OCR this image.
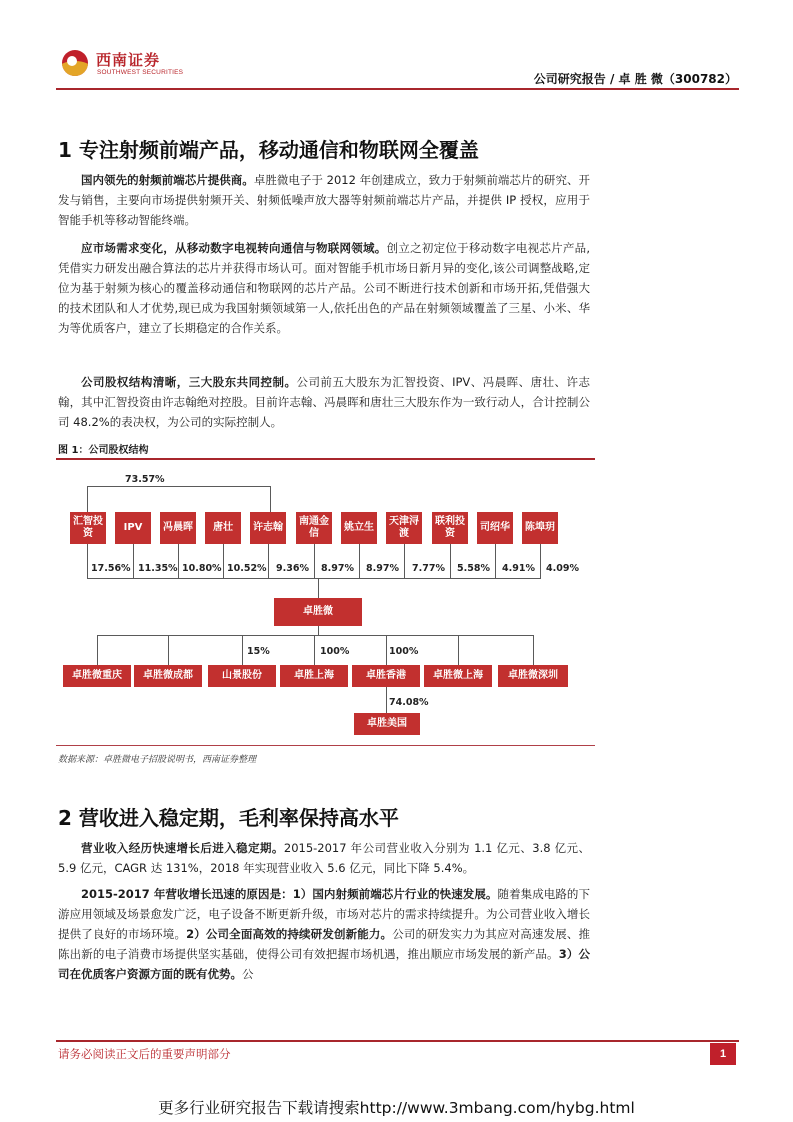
西南证券
SOUTHWEST SECURITIES	公司研究报告 / 卓 胜 微（300782）
1 专注射频前端产品，移动通信和物联网全覆盖
国内领先的射频前端芯片提供商。卓胜微电子于 2012 年创建成立，致力于射频前端芯片的研究、开发与销售，主要向市场提供射频开关、射频低噪声放大器等射频前端芯片产品，并提供 IP 授权，应用于智能手机等移动智能终端。
应市场需求变化，从移动数字电视转向通信与物联网领域。创立之初定位于移动数字电视芯片产品,凭借实力研发出融合算法的芯片并获得市场认可。面对智能手机市场日新月异的变化,该公司调整战略,定位为基于射频为核心的覆盖移动通信和物联网的芯片产品。公司不断进行技术创新和市场开拓,凭借强大的技术团队和人才优势,现已成为我国射频领域第一人,依托出色的产品在射频领域覆盖了三星、小米、华为等优质客户，建立了长期稳定的合作关系。
公司股权结构清晰，三大股东共同控制。公司前五大股东为汇智投资、IPV、冯晨晖、唐壮、许志翰，其中汇智投资由许志翰绝对控股。目前许志翰、冯晨晖和唐壮三大股东作为一致行动人，合计控制公司 48.2%的表决权，为公司的实际控制人。
图 1：公司股权结构
73.57%
汇智投资
IPV 冯晨晖 唐壮 许志翰
南通金信
姚立生
天津浔渡
联利投资
司绍华 陈埠玥
17.56% 11.35% 10.80% 10.52% 9.36% 8.97% 8.97% 7.77% 5.58% 4.91% 4.09%
卓胜微
15%	100%	100%
卓胜微重庆 卓胜微成都	山景股份	卓胜上海	卓胜香港	卓胜微上海	卓胜微深圳
74.08%
卓胜美国
数据来源：卓胜微电子招股说明书，西南证券整理
2 营收进入稳定期，毛利率保持高水平
营业收入经历快速增长后进入稳定期。2015-2017 年公司营业收入分别为 1.1 亿元、3.8 亿元、5.9 亿元，CAGR 达 131%，2018 年实现营业收入 5.6 亿元，同比下降 5.4%。
2015-2017 年营收增长迅速的原因是：1）国内射频前端芯片行业的快速发展。随着集成电路的下游应用领域及场景愈发广泛，电子设备不断更新升级，市场对芯片的需求持续提升。为公司营业收入增长提供了良好的市场环境。2）公司全面高效的持续研发创新能力。公司的研发实力为其应对高速发展、推陈出新的电子消费市场提供坚实基础，使得公司有效把握市场机遇，推出顺应市场发展的新产品。3）公司在优质客户资源方面的既有优势。公
请务必阅读正文后的重要声明部分	1
更多行业研究报告下载请搜索http://www.3mbang.com/hybg.html
